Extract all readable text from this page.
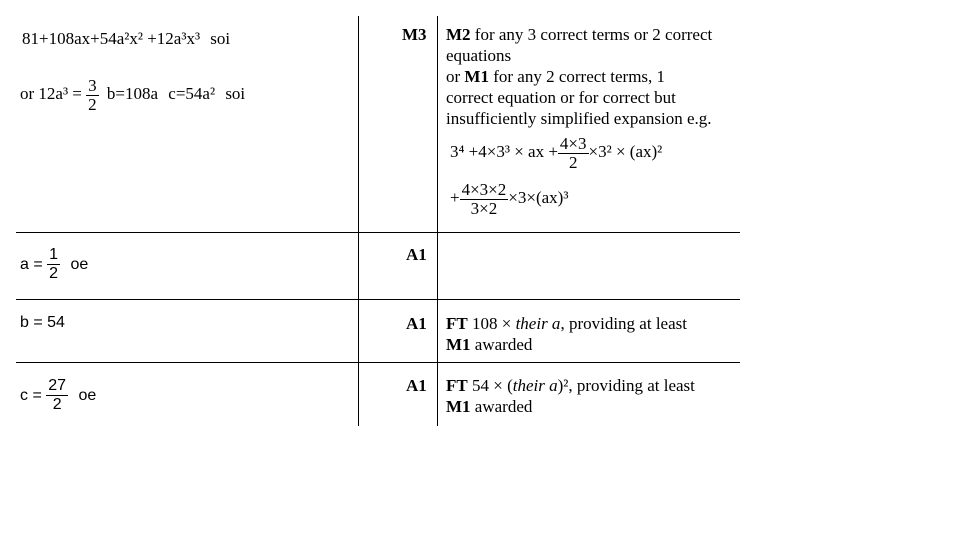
81+108ax+54a²x² +12a³x³ soi
or $12a^3 = \frac{3}{2} b=108a$ c=54a² soi
M3 M2 for any 3 correct terms or 2 correct
equations
or M1 for any 2 correct terms, 1
correct equation or for correct but
insufficiently simplified expansion e.g.
3⁴ +4×3³ × ax + $\frac{4\times 3}{2} \times 3^2 \times (ax)^2$
+ $\frac{4\times 3\times 2}{3\times 2} \times 3\times(ax)^3$
$a = \frac{1}{2}$ oe
A1
b = 54	A1 FT 108 × their a, providing at least
M1 awarded
$c = \frac{27}{2}$ oe
A1 FT 54 × (their a)², providing at least
M1 awarded
